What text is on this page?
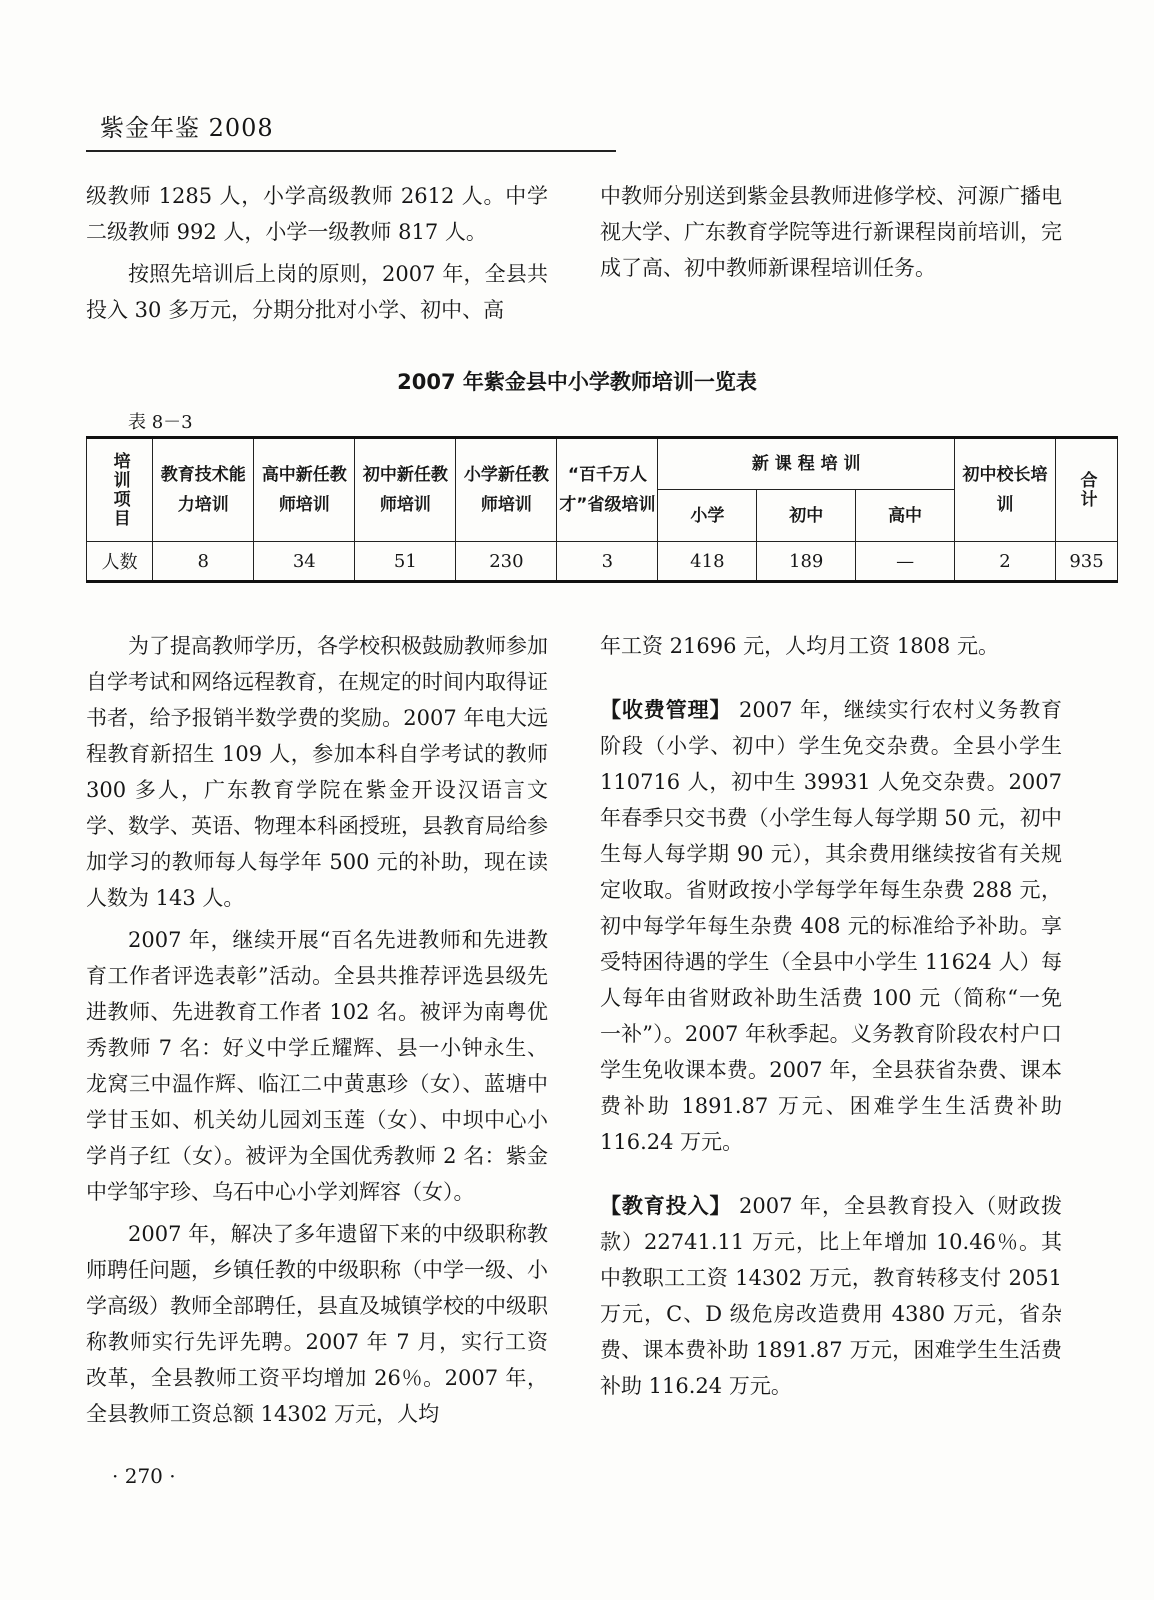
紫金年鉴 2008

级教师 1285 人，小学高级教师 2612 人。中学二级教师 992 人，小学一级教师 817 人。

按照先培训后上岗的原则，2007 年，全县共投入 30 多万元，分期分批对小学、初中、高

中教师分别送到紫金县教师进修学校、河源广播电视大学、广东教育学院等进行新课程岗前培训，完成了高、初中教师新课程培训任务。

2007 年紫金县中小学教师培训一览表
表 8－3
培训项目	教育技术能力培训	高中新任教师培训	初中新任教师培训	小学新任教师培训	“百千万人才”省级培训	新 课 程 培 训			初中校长培训	合计
						小学	初中	高中		
人数	8	34	51	230	3	418	189	—	2	935

为了提高教师学历，各学校积极鼓励教师参加自学考试和网络远程教育，在规定的时间内取得证书者，给予报销半数学费的奖励。2007 年电大远程教育新招生 109 人，参加本科自学考试的教师 300 多人，广东教育学院在紫金开设汉语言文学、数学、英语、物理本科函授班，县教育局给参加学习的教师每人每学年 500 元的补助，现在读人数为 143 人。

2007 年，继续开展“百名先进教师和先进教育工作者评选表彰”活动。全县共推荐评选县级先进教师、先进教育工作者 102 名。被评为南粤优秀教师 7 名：好义中学丘耀辉、县一小钟永生、龙窝三中温作辉、临江二中黄惠珍（女）、蓝塘中学甘玉如、机关幼儿园刘玉莲（女）、中坝中心小学肖子红（女）。被评为全国优秀教师 2 名：紫金中学邹宇珍、乌石中心小学刘辉容（女）。

2007 年，解决了多年遗留下来的中级职称教师聘任问题，乡镇任教的中级职称（中学一级、小学高级）教师全部聘任，县直及城镇学校的中级职称教师实行先评先聘。2007 年 7 月，实行工资改革，全县教师工资平均增加 26％。2007 年，全县教师工资总额 14302 万元，人均

年工资 21696 元，人均月工资 1808 元。

【收费管理】 2007 年，继续实行农村义务教育阶段（小学、初中）学生免交杂费。全县小学生 110716 人，初中生 39931 人免交杂费。2007 年春季只交书费（小学生每人每学期 50 元，初中生每人每学期 90 元），其余费用继续按省有关规定收取。省财政按小学每学年每生杂费 288 元，初中每学年每生杂费 408 元的标准给予补助。享受特困待遇的学生（全县中小学生 11624 人）每人每年由省财政补助生活费 100 元（简称“一免一补”）。2007 年秋季起。义务教育阶段农村户口学生免收课本费。2007 年，全县获省杂费、课本费补助 1891.87 万元、困难学生生活费补助 116.24 万元。

【教育投入】 2007 年，全县教育投入（财政拨款）22741.11 万元，比上年增加 10.46％。其中教职工工资 14302 万元，教育转移支付 2051 万元，C、D 级危房改造费用 4380 万元，省杂费、课本费补助 1891.87 万元，困难学生生活费补助 116.24 万元。

· 270 ·
